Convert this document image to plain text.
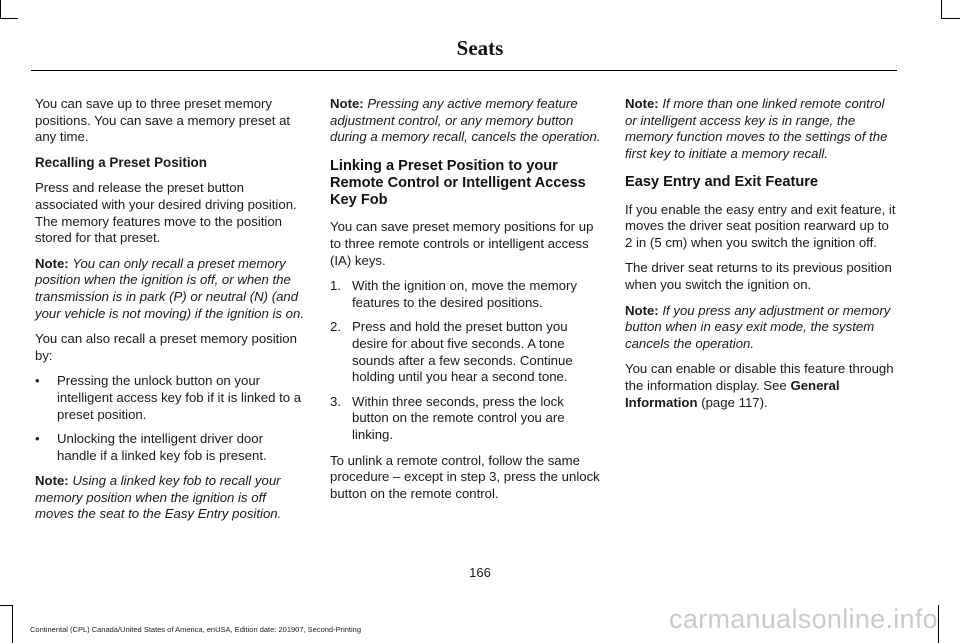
Seats

You can save up to three preset memory positions. You can save a memory preset at any time.

Recalling a Preset Position

Press and release the preset button associated with your desired driving position. The memory features move to the position stored for that preset.

Note: You can only recall a preset memory position when the ignition is off, or when the transmission is in park (P) or neutral (N) (and your vehicle is not moving) if the ignition is on.

You can also recall a preset memory position by:

• Pressing the unlock button on your intelligent access key fob if it is linked to a preset position.
• Unlocking the intelligent driver door handle if a linked key fob is present.

Note: Using a linked key fob to recall your memory position when the ignition is off moves the seat to the Easy Entry position.

Note: Pressing any active memory feature adjustment control, or any memory button during a memory recall, cancels the operation.

Linking a Preset Position to your Remote Control or Intelligent Access Key Fob

You can save preset memory positions for up to three remote controls or intelligent access (IA) keys.

1. With the ignition on, move the memory features to the desired positions.
2. Press and hold the preset button you desire for about five seconds. A tone sounds after a few seconds. Continue holding until you hear a second tone.
3. Within three seconds, press the lock button on the remote control you are linking.

To unlink a remote control, follow the same procedure – except in step 3, press the unlock button on the remote control.

Note: If more than one linked remote control or intelligent access key is in range, the memory function moves to the settings of the first key to initiate a memory recall.

Easy Entry and Exit Feature

If you enable the easy entry and exit feature, it moves the driver seat position rearward up to 2 in (5 cm) when you switch the ignition off.

The driver seat returns to its previous position when you switch the ignition on.

Note: If you press any adjustment or memory button when in easy exit mode, the system cancels the operation.

You can enable or disable this feature through the information display. See General Information (page 117).

166
Continental (CPL) Canada/United States of America, enUSA, Edition date: 201907, Second-Printing	carmanualsonline.info
